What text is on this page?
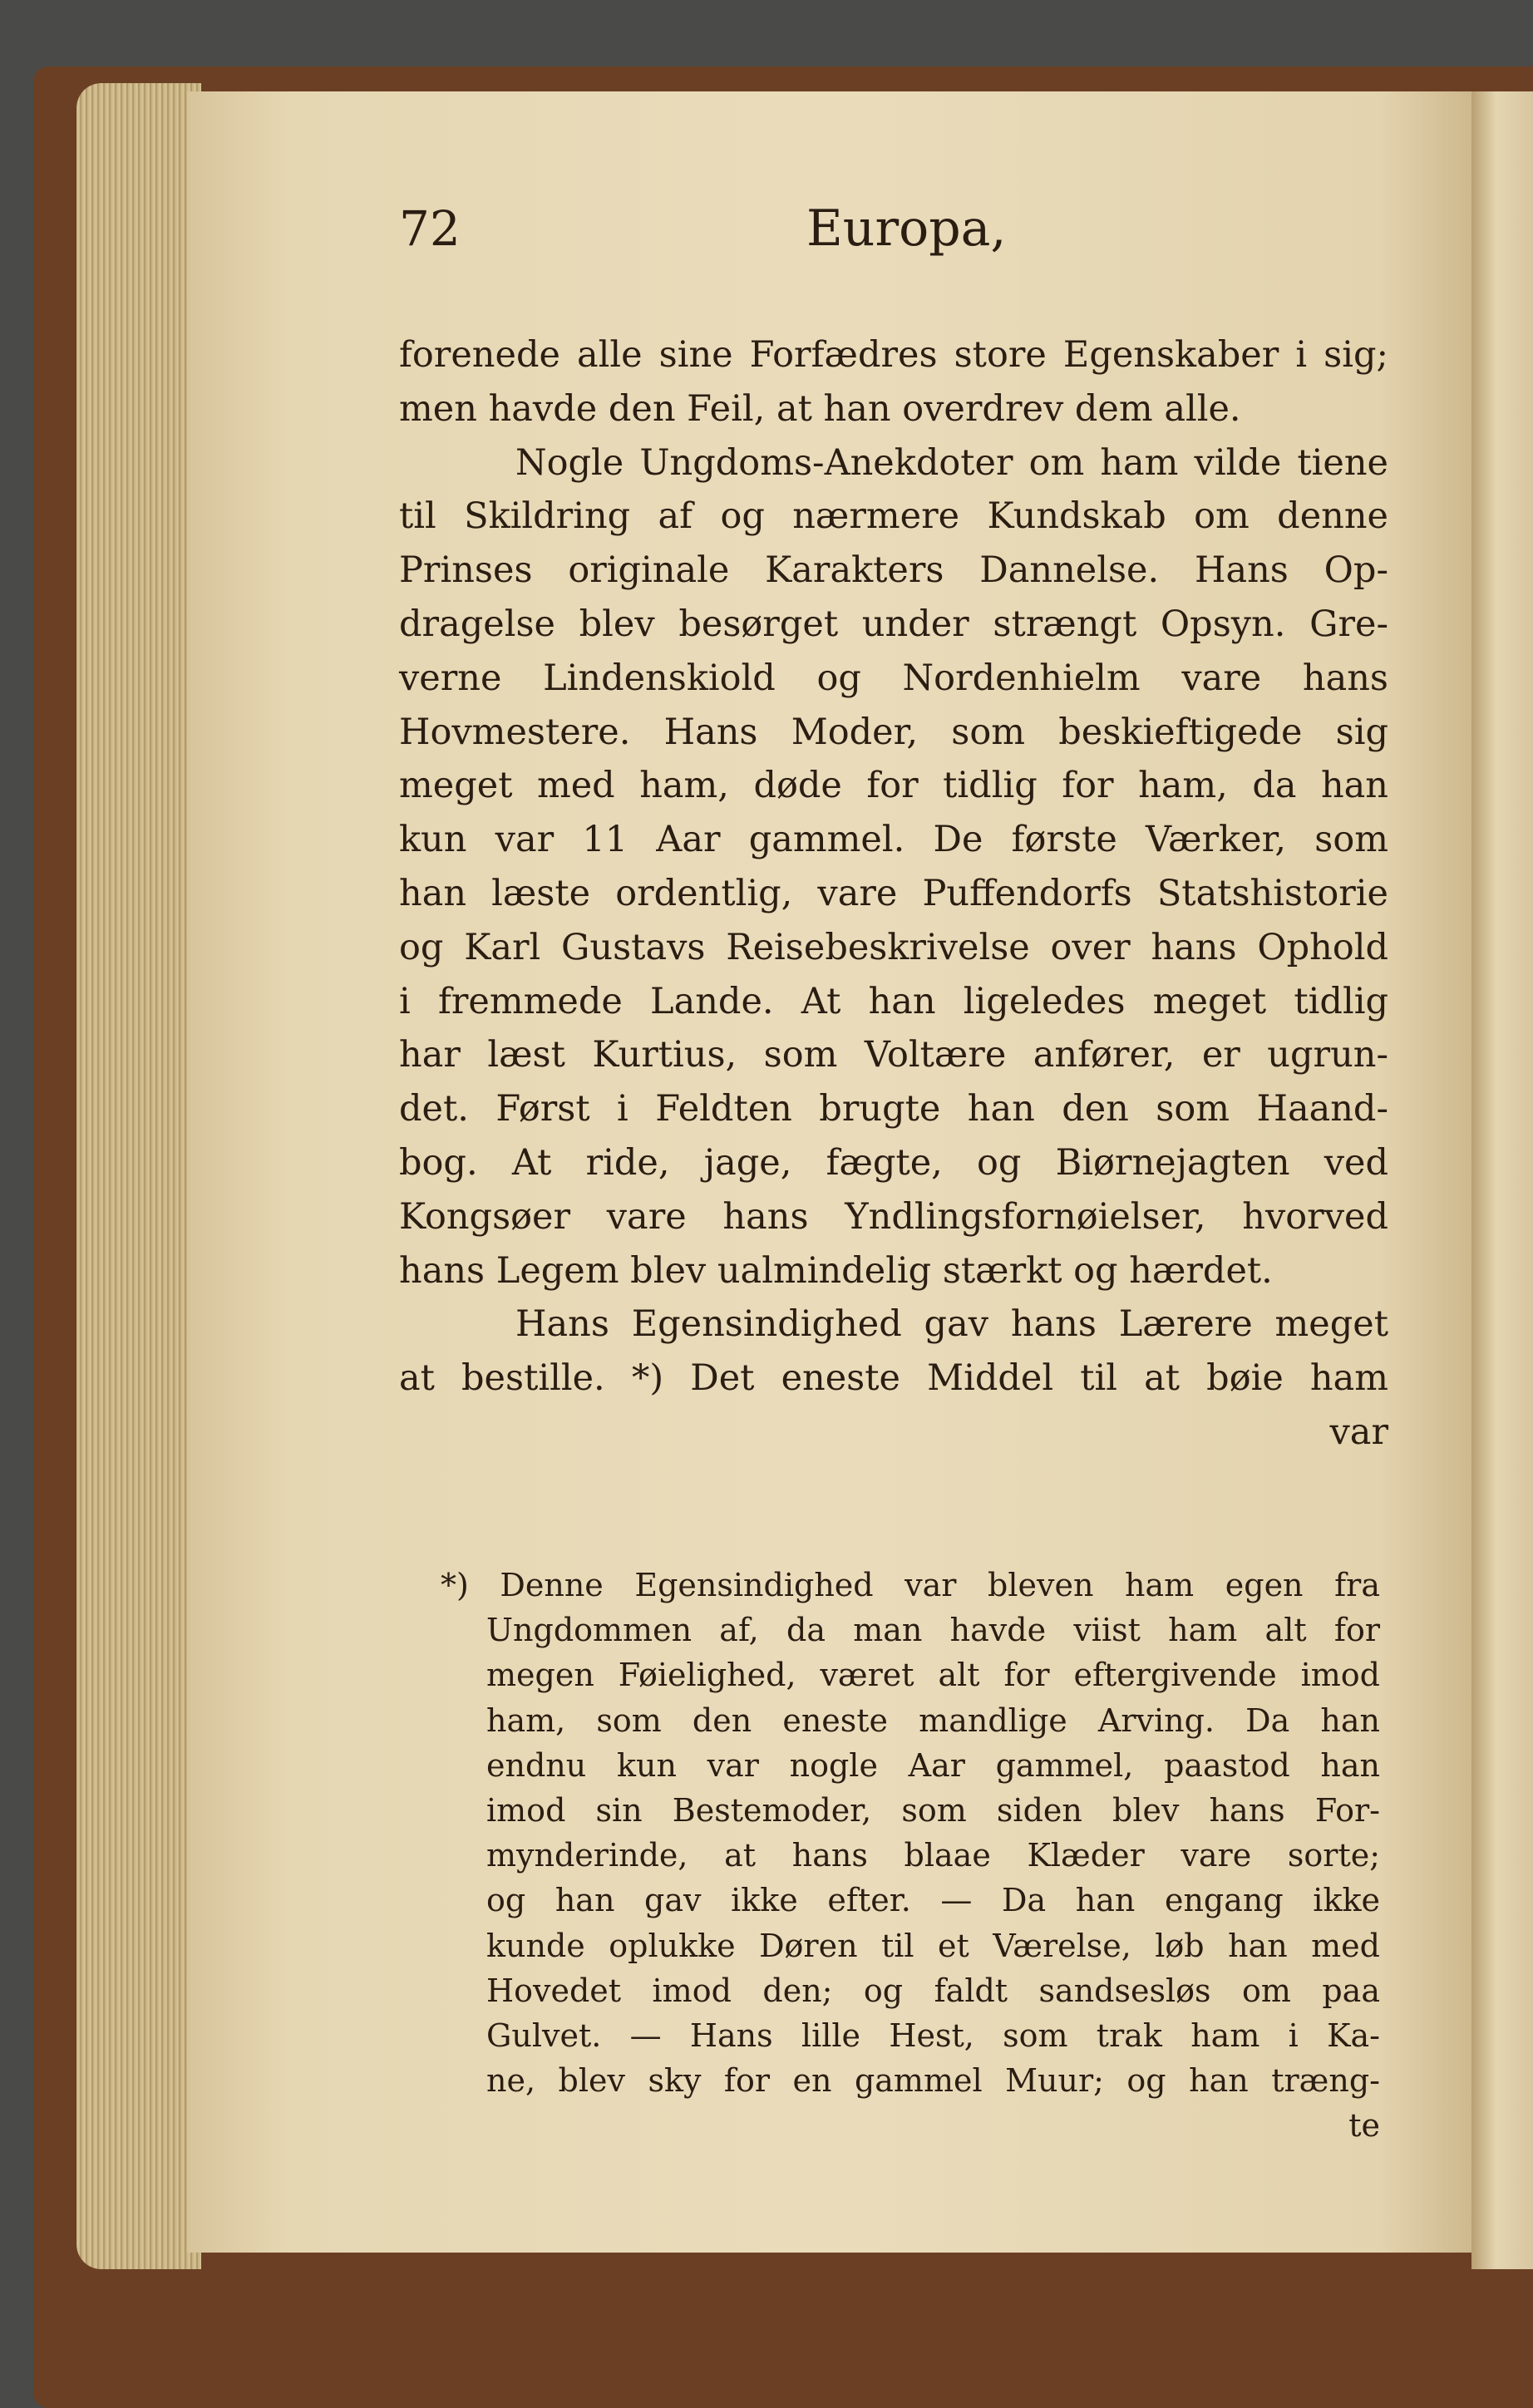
72	Europa,
forenede alle sine Forfædres store Egenskaber i sig;
men havde den Feil, at han overdrev dem alle.
Nogle Ungdoms-Anekdoter om ham vilde tiene
til Skildring af og nærmere Kundskab om denne
Prinses originale Karakters Dannelse. Hans Op-
dragelse blev besørget under strængt Opsyn. Gre-
verne Lindenskiold og Nordenhielm vare hans
Hovmestere. Hans Moder, som beskieftigede sig
meget med ham, døde for tidlig for ham, da han
kun var 11 Aar gammel. De første Værker, som
han læste ordentlig, vare Puffendorfs Statshistorie
og Karl Gustavs Reisebeskrivelse over hans Ophold
i fremmede Lande. At han ligeledes meget tidlig
har læst Kurtius, som Voltære anfører, er ugrun-
det. Først i Feldten brugte han den som Haand-
bog. At ride, jage, fægte, og Biørnejagten ved
Kongsøer vare hans Yndlingsfornøielser, hvorved
hans Legem blev ualmindelig stærkt og hærdet.
Hans Egensindighed gav hans Lærere meget
at bestille. *) Det eneste Middel til at bøie ham
var
*) Denne Egensindighed var bleven ham egen fra
Ungdommen af, da man havde viist ham alt for
megen Føielighed, været alt for eftergivende imod
ham, som den eneste mandlige Arving. Da han
endnu kun var nogle Aar gammel, paastod han
imod sin Bestemoder, som siden blev hans For-
mynderinde, at hans blaae Klæder vare sorte;
og han gav ikke efter. — Da han engang ikke
kunde oplukke Døren til et Værelse, løb han med
Hovedet imod den; og faldt sandsesløs om paa
Gulvet. — Hans lille Hest, som trak ham i Ka-
ne, blev sky for en gammel Muur; og han træng-
te
